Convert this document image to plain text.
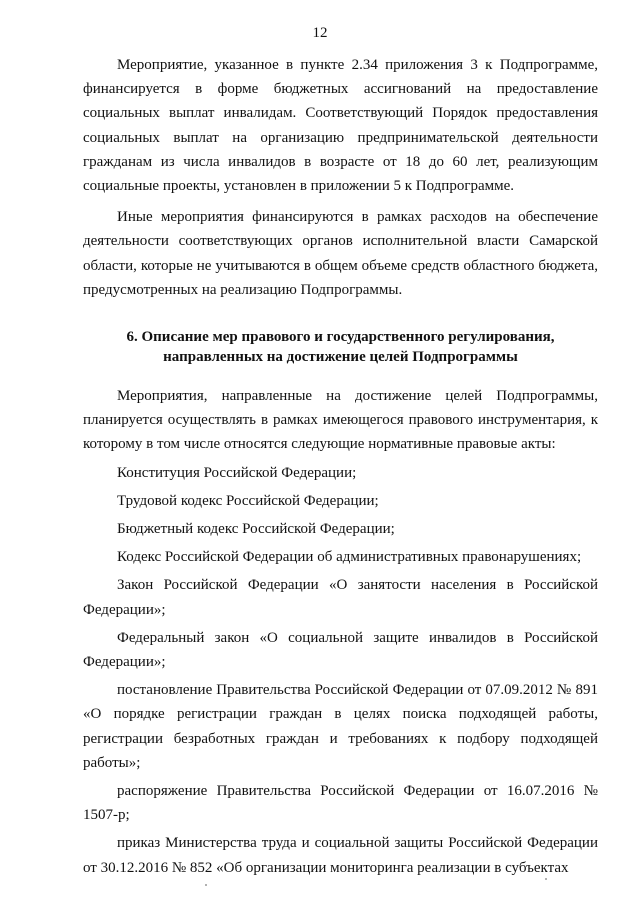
12

Мероприятие, указанное в пункте 2.34 приложения 3 к Подпрограмме, финансируется в форме бюджетных ассигнований на предоставление социальных выплат инвалидам. Соответствующий Порядок предоставления социальных выплат на организацию предпринимательской деятельности гражданам из числа инвалидов в возрасте от 18 до 60 лет, реализующим социальные проекты, установлен в приложении 5 к Подпрограмме.

Иные мероприятия финансируются в рамках расходов на обеспечение деятельности соответствующих органов исполнительной власти Самарской области, которые не учитываются в общем объеме средств областного бюджета, предусмотренных на реализацию Подпрограммы.

6. Описание мер правового и государственного регулирования,
направленных на достижение целей Подпрограммы

Мероприятия, направленные на достижение целей Подпрограммы, планируется осуществлять в рамках имеющегося правового инструментария, к которому в том числе относятся следующие нормативные правовые акты:

Конституция Российской Федерации;

Трудовой кодекс Российской Федерации;

Бюджетный кодекс Российской Федерации;

Кодекс Российской Федерации об административных правонарушениях;

Закон Российской Федерации «О занятости населения в Российской Федерации»;

Федеральный закон «О социальной защите инвалидов в Российской Федерации»;

постановление Правительства Российской Федерации от 07.09.2012 № 891 «О порядке регистрации граждан в целях поиска подходящей работы, регистрации безработных граждан и требованиях к подбору подходящей работы»;

распоряжение Правительства Российской Федерации от 16.07.2016 № 1507-р;

приказ Министерства труда и социальной защиты Российской Федерации от 30.12.2016 № 852 «Об организации мониторинга реализации в субъектах
